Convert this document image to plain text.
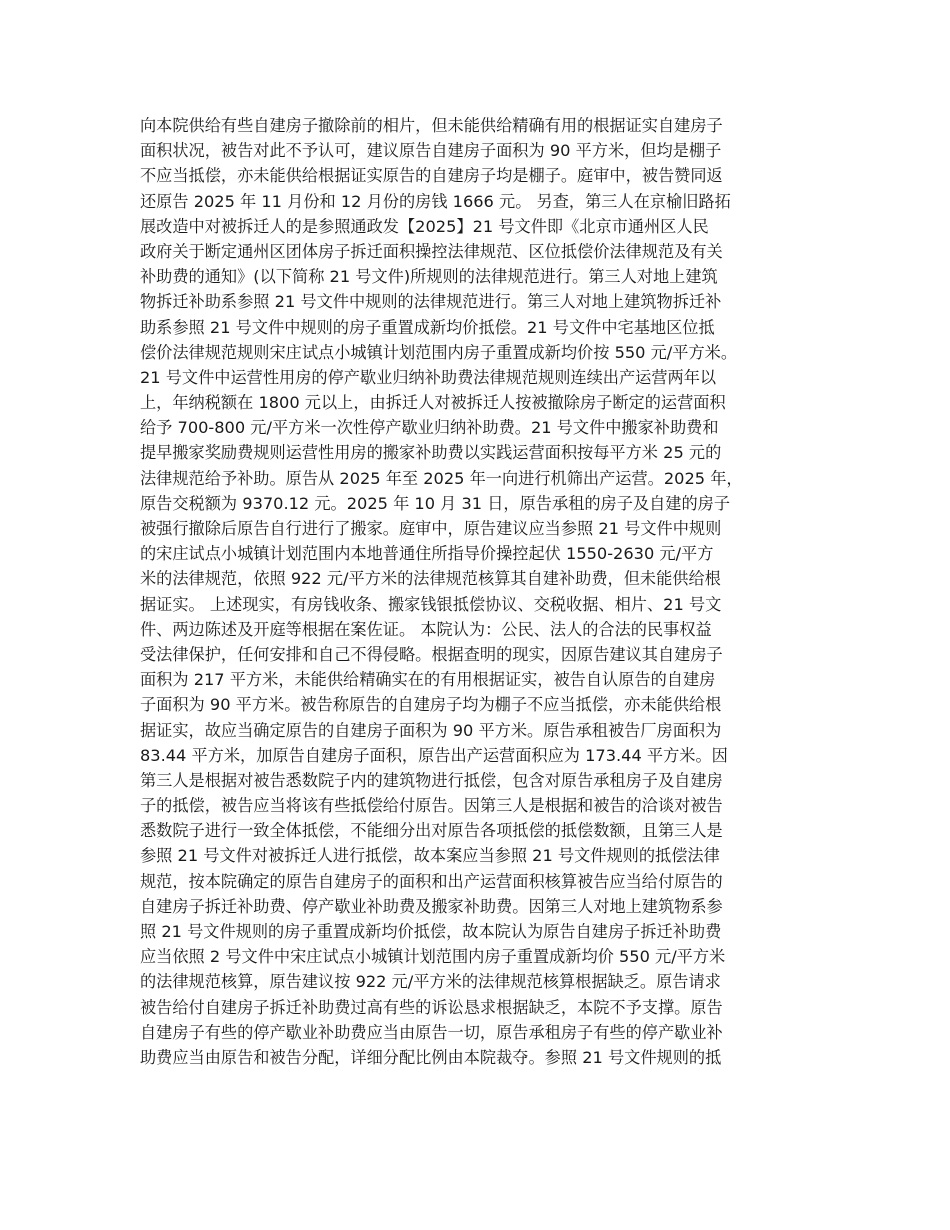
向本院供给有些自建房子撤除前的相片，但未能供给精确有用的根据证实自建房子
面积状况，被告对此不予认可，建议原告自建房子面积为 90 平方米，但均是棚子
不应当抵偿，亦未能供给根据证实原告的自建房子均是棚子。庭审中，被告赞同返
还原告 2025 年 11 月份和 12 月份的房钱 1666 元。 另查，第三人在京榆旧路拓
展改造中对被拆迁人的是参照通政发【2025】21 号文件即《北京市通州区人民
政府关于断定通州区团体房子拆迁面积操控法律规范、区位抵偿价法律规范及有关
补助费的通知》(以下简称 21 号文件)所规则的法律规范进行。第三人对地上建筑
物拆迁补助系参照 21 号文件中规则的法律规范进行。第三人对地上建筑物拆迁补
助系参照 21 号文件中规则的房子重置成新均价抵偿。21 号文件中宅基地区位抵
偿价法律规范规则宋庄试点小城镇计划范围内房子重置成新均价按 550 元/平方米。
21 号文件中运营性用房的停产歇业归纳补助费法律规范规则连续出产运营两年以
上，年纳税额在 1800 元以上，由拆迁人对被拆迁人按被撤除房子断定的运营面积
给予 700-800 元/平方米一次性停产歇业归纳补助费。21 号文件中搬家补助费和
提早搬家奖励费规则运营性用房的搬家补助费以实践运营面积按每平方米 25 元的
法律规范给予补助。原告从 2025 年至 2025 年一向进行机筛出产运营。2025 年，
原告交税额为 9370.12 元。2025 年 10 月 31 日，原告承租的房子及自建的房子
被强行撤除后原告自行进行了搬家。庭审中，原告建议应当参照 21 号文件中规则
的宋庄试点小城镇计划范围内本地普通住所指导价操控起伏 1550-2630 元/平方
米的法律规范，依照 922 元/平方米的法律规范核算其自建补助费，但未能供给根
据证实。 上述现实，有房钱收条、搬家钱银抵偿协议、交税收据、相片、21 号文
件、两边陈述及开庭等根据在案佐证。 本院认为：公民、法人的合法的民事权益
受法律保护，任何安排和自己不得侵略。根据查明的现实，因原告建议其自建房子
面积为 217 平方米，未能供给精确实在的有用根据证实，被告自认原告的自建房
子面积为 90 平方米。被告称原告的自建房子均为棚子不应当抵偿，亦未能供给根
据证实，故应当确定原告的自建房子面积为 90 平方米。原告承租被告厂房面积为
83.44 平方米，加原告自建房子面积，原告出产运营面积应为 173.44 平方米。因
第三人是根据对被告悉数院子内的建筑物进行抵偿，包含对原告承租房子及自建房
子的抵偿，被告应当将该有些抵偿给付原告。因第三人是根据和被告的洽谈对被告
悉数院子进行一致全体抵偿，不能细分出对原告各项抵偿的抵偿数额，且第三人是
参照 21 号文件对被拆迁人进行抵偿，故本案应当参照 21 号文件规则的抵偿法律
规范，按本院确定的原告自建房子的面积和出产运营面积核算被告应当给付原告的
自建房子拆迁补助费、停产歇业补助费及搬家补助费。因第三人对地上建筑物系参
照 21 号文件规则的房子重置成新均价抵偿，故本院认为原告自建房子拆迁补助费
应当依照 2 号文件中宋庄试点小城镇计划范围内房子重置成新均价 550 元/平方米
的法律规范核算，原告建议按 922 元/平方米的法律规范核算根据缺乏。原告请求
被告给付自建房子拆迁补助费过高有些的诉讼恳求根据缺乏，本院不予支撑。原告
自建房子有些的停产歇业补助费应当由原告一切，原告承租房子有些的停产歇业补
助费应当由原告和被告分配，详细分配比例由本院裁夺。参照 21 号文件规则的抵
